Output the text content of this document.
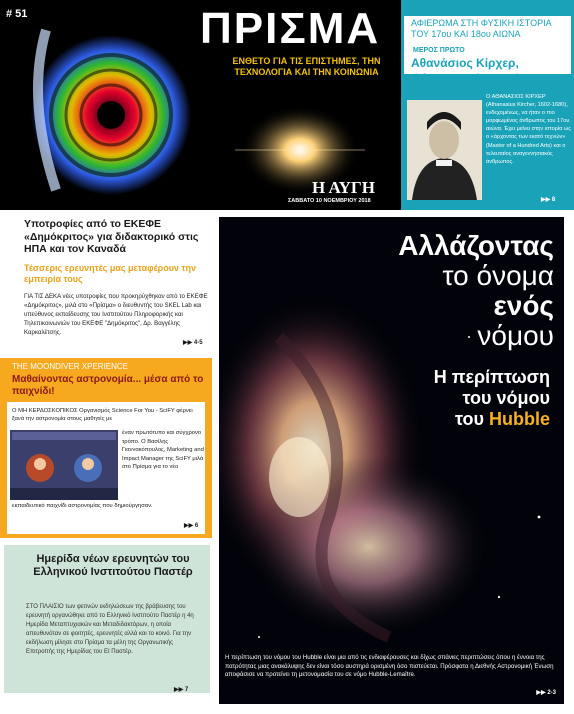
# 51	ΠΡΙΣΜΑ
ΕΝΘΕΤΟ ΓΙΑ ΤΙΣ ΕΠΙΣΤΗΜΕΣ, ΤΗΝ ΤΕΧΝΟΛΟΓΙΑ ΚΑΙ ΤΗΝ ΚΟΙΝΩΝΙΑ
Η ΑΥΓΗ
ΣΑΒΒΑΤΟ 10 ΝΟΕΜΒΡΙΟΥ 2018
ΑΦΙΕΡΩΜΑ ΣΤΗ ΦΥΣΙΚΗ ΙΣΤΟΡΙΑ ΤΟΥ 17ου ΚΑΙ 18ου ΑΙΩΝΑ
ΜΕΡΟΣ ΠΡΩΤΟ
Αθανάσιος Κίρχερ,
ο άνθρωπος που ρώτησε τα πάντα
Ο ΑΘΑΝΑΣΙΟΣ ΚΙΡΧΕΡ (Athanasius Kircher, 1602-1680), ενδεχομένως, να ήταν ο πιο μορφωμένος άνθρωπος του 17ου αιώνα. Έχει μείνει στην ιστορία ως ο «άρχοντας των εκατό τεχνών» (Master of a Hundred Arts) και ο τελευταίος αναγεννησιακός άνθρωπος.
▶▶ 8
Υποτροφίες από το ΕΚΕΦΕ «Δημόκριτος» για διδακτορικό στις ΗΠΑ και τον Καναδά
Τέσσερις ερευνητές μας μεταφέρουν την εμπειρία τους
ΓΙΑ ΤΙΣ ΔΕΚΑ νέες υποτροφίες που προκηρύχθηκαν από το ΕΚΕΦΕ «Δημόκριτος», μιλά στο «Πρίσμα» ο διευθυντής του SKEL Lab και υπεύθυνος εκπαίδευσης του Ινστιτούτου Πληροφορικής και Τηλεπικοινωνιών του ΕΚΕΦΕ "Δημόκριτος", Δρ. Βαγγέλης Καρκαλέτσης.
▶▶ 4-5
THE MOONDIVER XPERIENCE
Μαθαίνοντας αστρονομία... μέσα από το παιχνίδι!
Ο ΜΗ ΚΕΡΔΟΣΚΟΠΙΚΟΣ Οργανισμός Science For You - SciFY φέρνει ξανά την αστρονομία στους μαθητές με
έναν πρωτότυπο και σύγχρονο τρόπο. Ο Βασίλης Γιαννακόπουλος, Marketing and Impact Manager της SciFY μιλά στο Πρίσμα για το νέο
εκπαιδευτικό παιχνίδι αστρονομίας που δημιούργησαν.
▶▶ 6
Ημερίδα νέων ερευνητών του Ελληνικού Ινστιτούτου Παστέρ
ΣΤΟ ΠΛΑΙΣΙΟ των φετινών εκδηλώσεων της βράβευσης του ερευνητή οργανώθηκε από το Ελληνικό Ινστιτούτο Παστέρ η 4η Ημερίδα Μεταπτυχιακών και Μεταδιδακτόρων, η οποία απευθυνόταν σε φοιτητές, ερευνητές αλλά και το κοινό. Για την εκδήλωση μίλησε στο Πρίσμα τα μέλη της Οργανωτικής Επιτροπής της Ημερίδας του ΕΙ Παστέρ.
▶▶ 7
Αλλάζοντας
το όνομα
ενός
νόμου
Η περίπτωση
του νόμου
του Hubble
Η περίπτωση του νόμου του Hubble είναι μια από τις ενδιαφέρουσες και δίχως σπάνιες περιπτώσεις όπου η έννοια της πατρότητας μιας ανακάλυψης δεν είναι τόσο αυστηρά ορισμένη όσο πιστεύεται. Πρόσφατα η Διεθνής Αστρονομική Ένωση αποφάσισε να προτείνει τη μετονομασία του σε νόμο Hubble-Lemaître.
▶▶ 2-3
